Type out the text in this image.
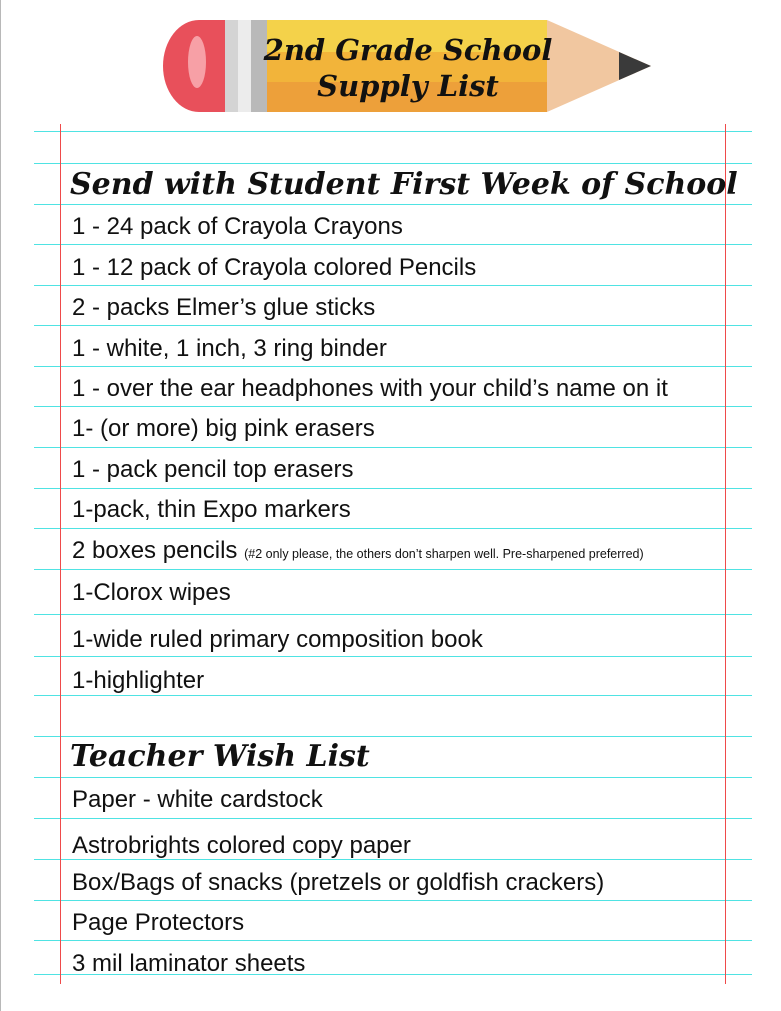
2nd Grade School
Supply List
Send with Student First Week of School
1 - 24 pack of Crayola Crayons
1 - 12 pack of Crayola colored Pencils
2 - packs Elmer’s glue sticks
1 - white, 1 inch, 3 ring binder
1 - over the ear headphones with your child’s name on it
1- (or more) big pink erasers
1 - pack pencil top erasers
1-pack, thin Expo markers
2 boxes pencils (#2 only please, the others don’t sharpen well. Pre-sharpened preferred)
1-Clorox wipes
1-wide ruled primary composition book
1-highlighter
Teacher Wish List
Paper - white cardstock
Astrobrights colored copy paper
Box/Bags of snacks (pretzels or goldfish crackers)
Page Protectors
3 mil laminator sheets
